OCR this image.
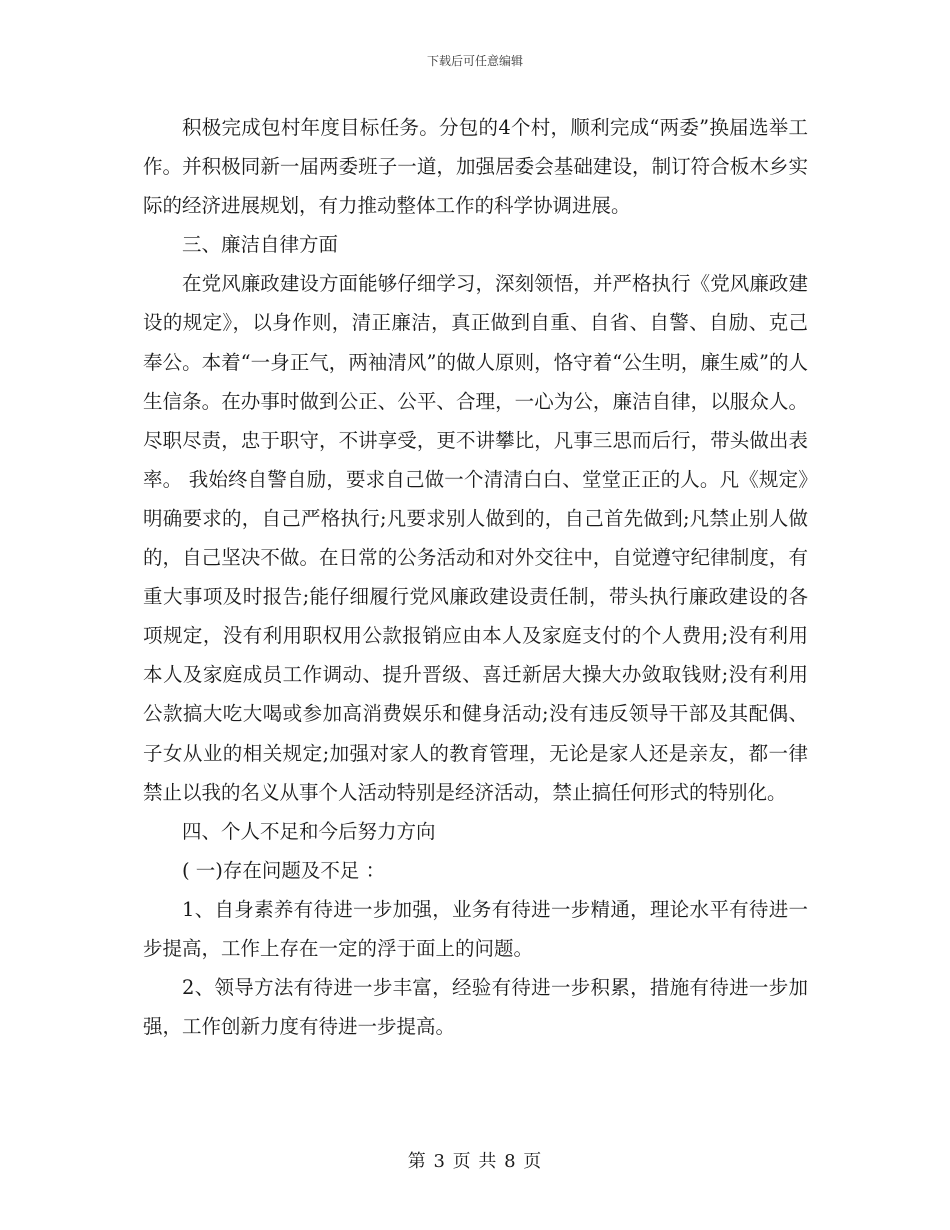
下载后可任意编辑

积极完成包村年度目标任务。分包的4个村，顺利完成“两委”换届选举工作。并积极同新一届两委班子一道，加强居委会基础建设，制订符合板木乡实际的经济进展规划，有力推动整体工作的科学协调进展。

三、廉洁自律方面

在党风廉政建设方面能够仔细学习，深刻领悟，并严格执行《党风廉政建设的规定》，以身作则，清正廉洁，真正做到自重、自省、自警、自励、克己奉公。本着“一身正气，两袖清风”的做人原则，恪守着“公生明，廉生威”的人生信条。在办事时做到公正、公平、合理，一心为公，廉洁自律，以服众人。尽职尽责，忠于职守，不讲享受，更不讲攀比，凡事三思而后行，带头做出表率。 我始终自警自励，要求自己做一个清清白白、堂堂正正的人。凡《规定》明确要求的，自己严格执行;凡要求别人做到的，自己首先做到;凡禁止别人做的，自己坚决不做。在日常的公务活动和对外交往中，自觉遵守纪律制度，有重大事项及时报告;能仔细履行党风廉政建设责任制，带头执行廉政建设的各项规定，没有利用职权用公款报销应由本人及家庭支付的个人费用;没有利用本人及家庭成员工作调动、提升晋级、喜迁新居大操大办敛取钱财;没有利用公款搞大吃大喝或参加高消费娱乐和健身活动;没有违反领导干部及其配偶、子女从业的相关规定;加强对家人的教育管理，无论是家人还是亲友，都一律禁止以我的名义从事个人活动特别是经济活动，禁止搞任何形式的特别化。

四、个人不足和今后努力方向

( 一)存在问题及不足 ：

1、自身素养有待进一步加强，业务有待进一步精通，理论水平有待进一步提高，工作上存在一定的浮于面上的问题。

2、领导方法有待进一步丰富，经验有待进一步积累，措施有待进一步加强，工作创新力度有待进一步提高。

第 3 页 共 8 页
